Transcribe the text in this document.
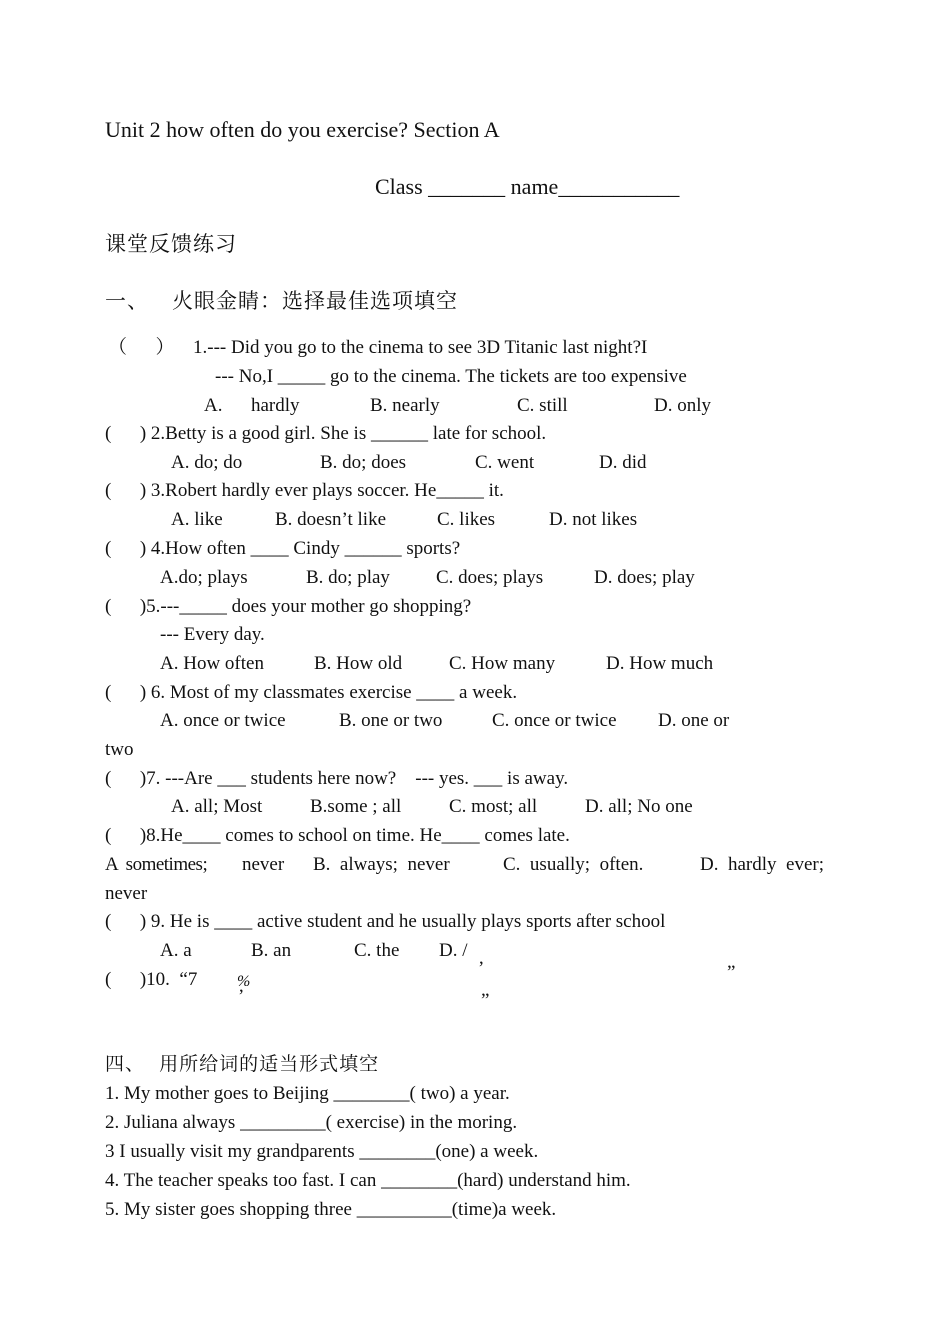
Unit 2 how often do you exercise? Section A
Class _______ name___________
课堂反馈练习
一、   火眼金睛：选择最佳选项填空
（      ） 1.--- Did you go to the cinema to see 3D Titanic last night?I
--- No,I _____ go to the cinema. The tickets are too expensive
A.      hardly	B. nearly	C. still	D. only
(      ) 2.Betty is a good girl. She is ______ late for school.
A. do; do	B. do; does	C. went	D. did
(      ) 3.Robert hardly ever plays soccer. He_____ it.
A. like	B. doesn’t like	C. likes	D. not likes
(      ) 4.How often ____ Cindy ______ sports?
A.do; plays	B. do; play C. does; plays	D. does; play
(      )5.---_____ does your mother go shopping?
--- Every day.
A. How often	B. How old C. How many	D. How much
(      ) 6. Most of my classmates exercise ____ a week.
A. once or twice	B. one or two	C. once or twice D. one or
two
(      )7. ---Are ___ students here now?    --- yes. ___ is away.
A. all; Most	B.some ; all	C. most; all	D. all; No one
(      )8.He____ comes to school on time. He____ comes late.
A  sometimes; never B.  always;  never	C.  usually;  often.	D.  hardly  ever;
never
(      ) 9. He is ____ active student and he usually plays sports after school
A. a	B. an	C. the D. /
(      )10.  “7 %
’	”
’	”
四、  用所给词的适当形式填空
1. My mother goes to Beijing ________( two) a year.
2. Juliana always _________( exercise) in the moring.
3 I usually visit my grandparents ________(one) a week.
4. The teacher speaks too fast. I can ________(hard) understand him.
5. My sister goes shopping three __________(time)a week.
